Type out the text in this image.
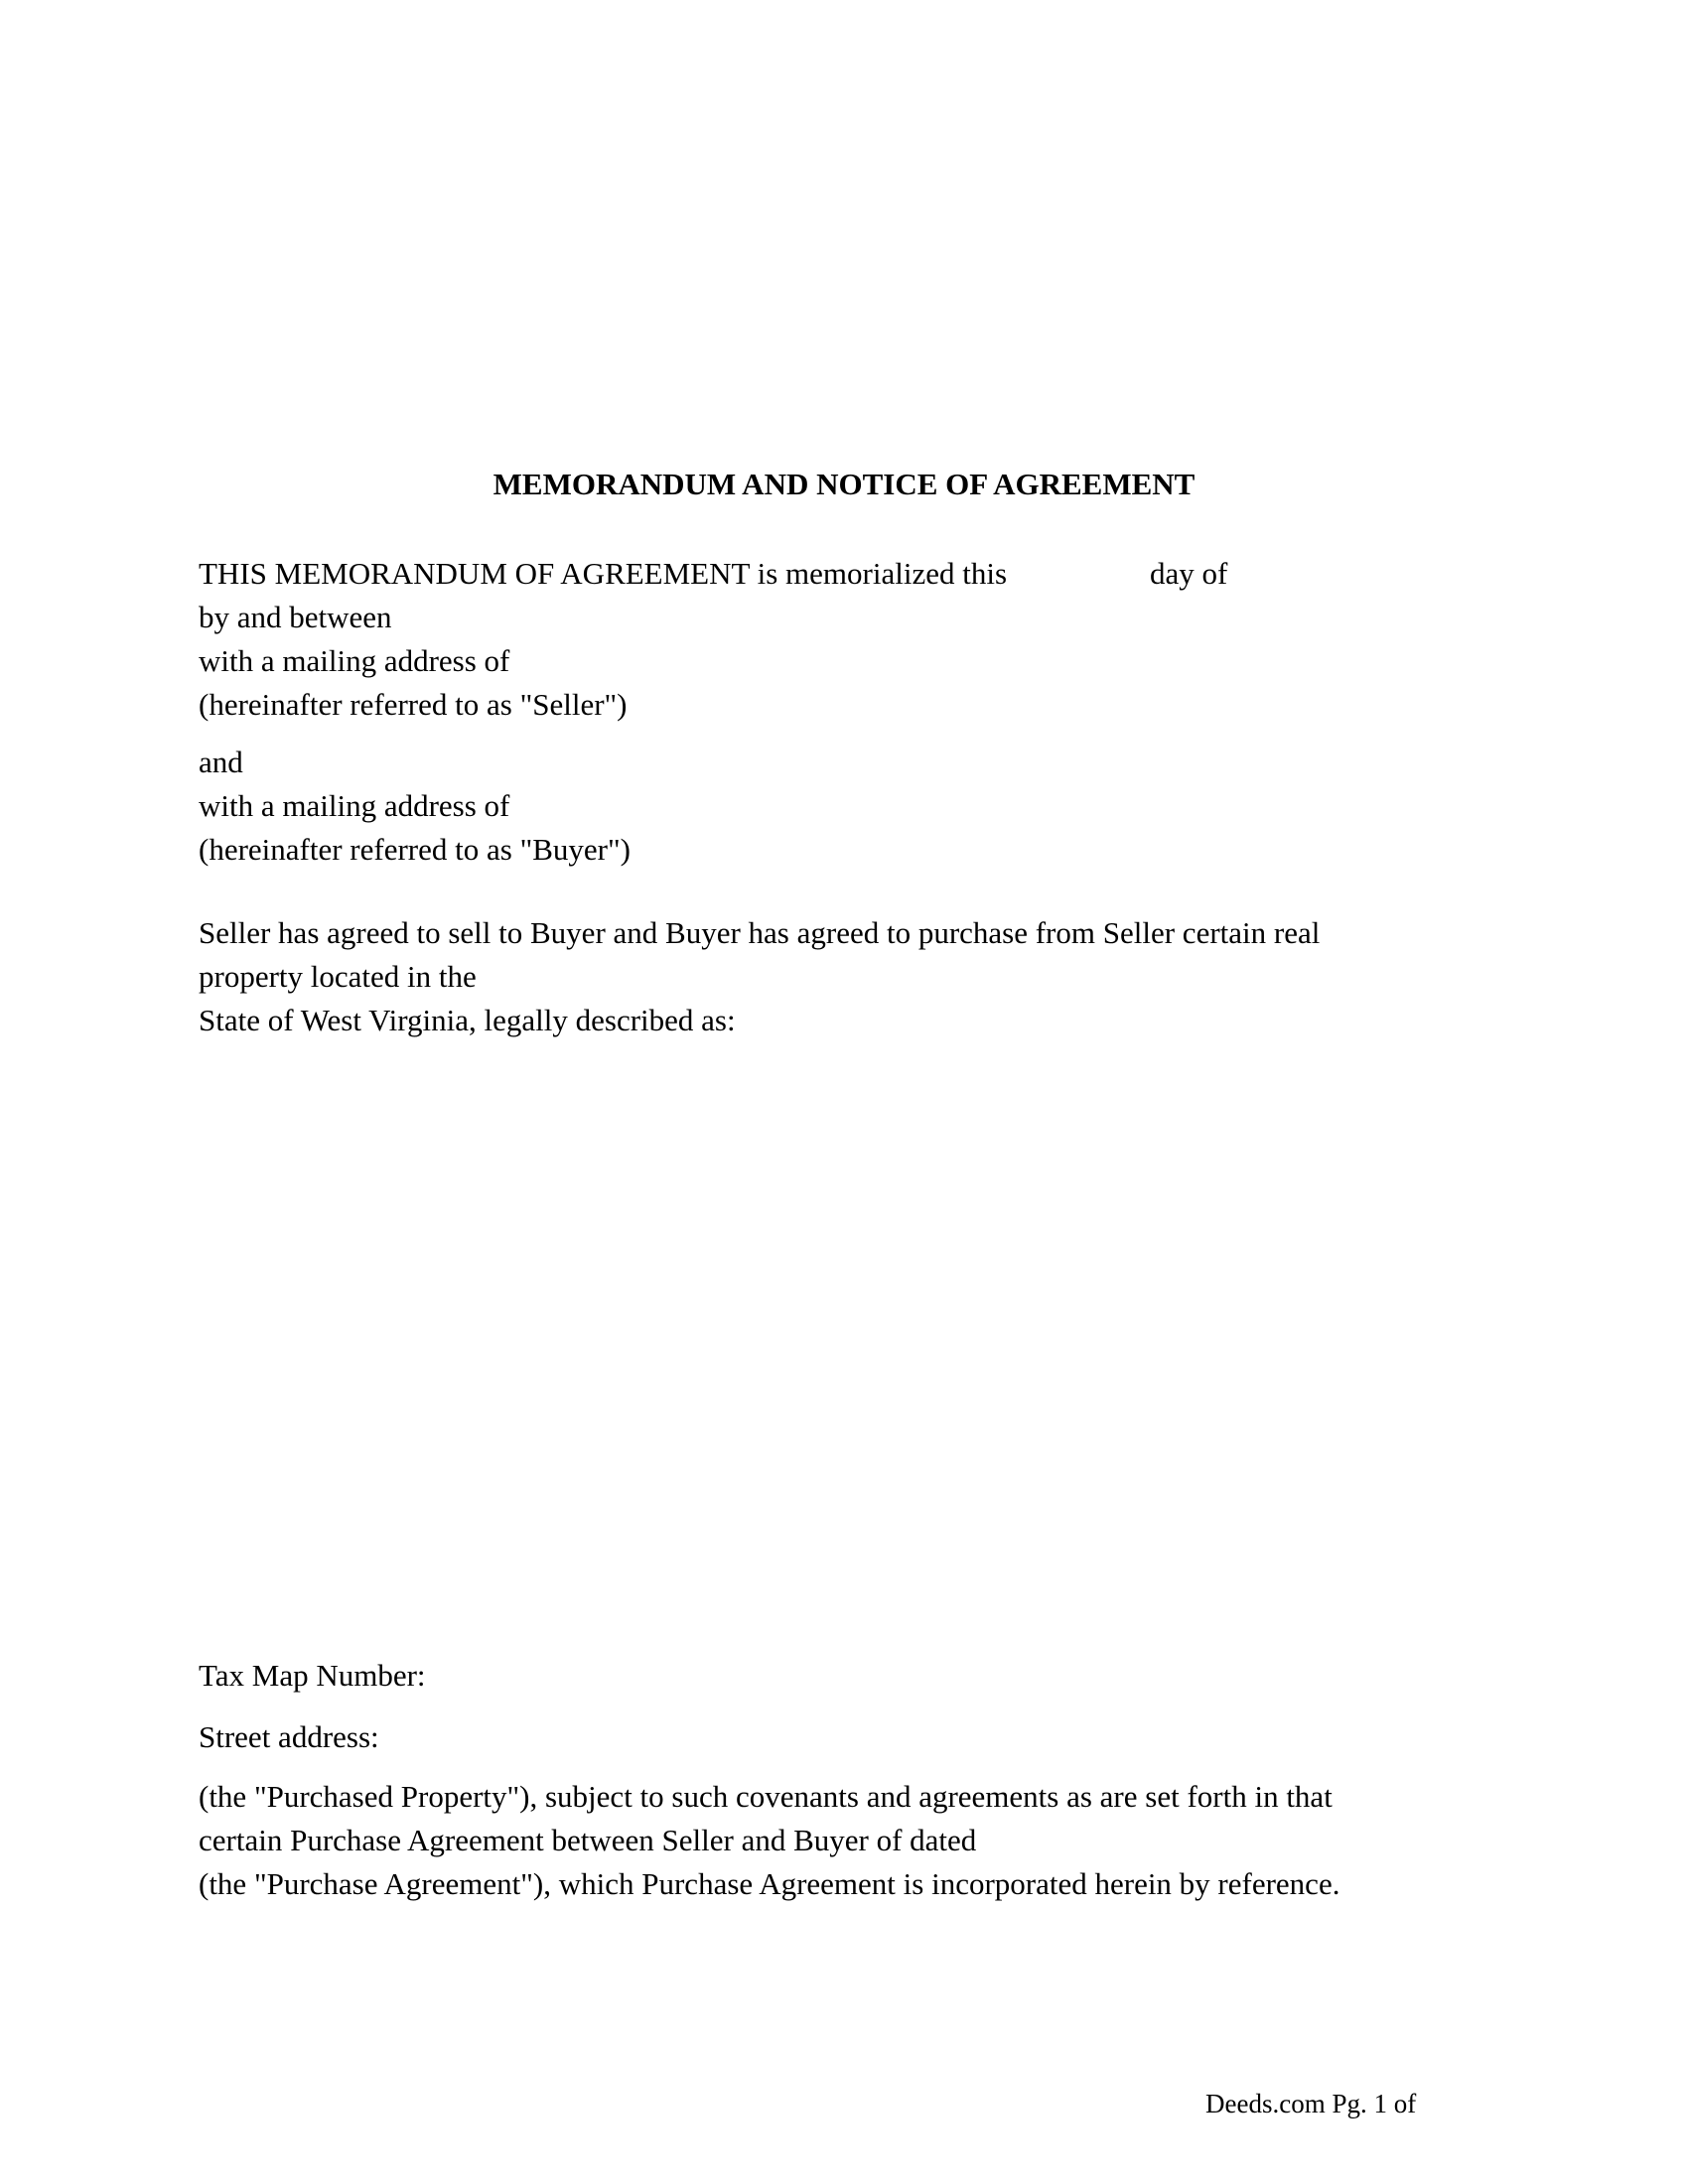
MEMORANDUM AND NOTICE OF AGREEMENT
THIS MEMORANDUM OF AGREEMENT is memorialized this	day of
by and between
with a mailing address of
(hereinafter referred to as "Seller")
and
with a mailing address of
(hereinafter referred to as "Buyer")
Seller has agreed to sell to Buyer and Buyer has agreed to purchase from Seller certain real
property located in the
State of West Virginia, legally described as:
Tax Map Number:
Street address:
(the "Purchased Property"), subject to such covenants and agreements as are set forth in that
certain Purchase Agreement between Seller and Buyer of dated
(the "Purchase Agreement"), which Purchase Agreement is incorporated herein by reference.
Deeds.com Pg. 1 of
